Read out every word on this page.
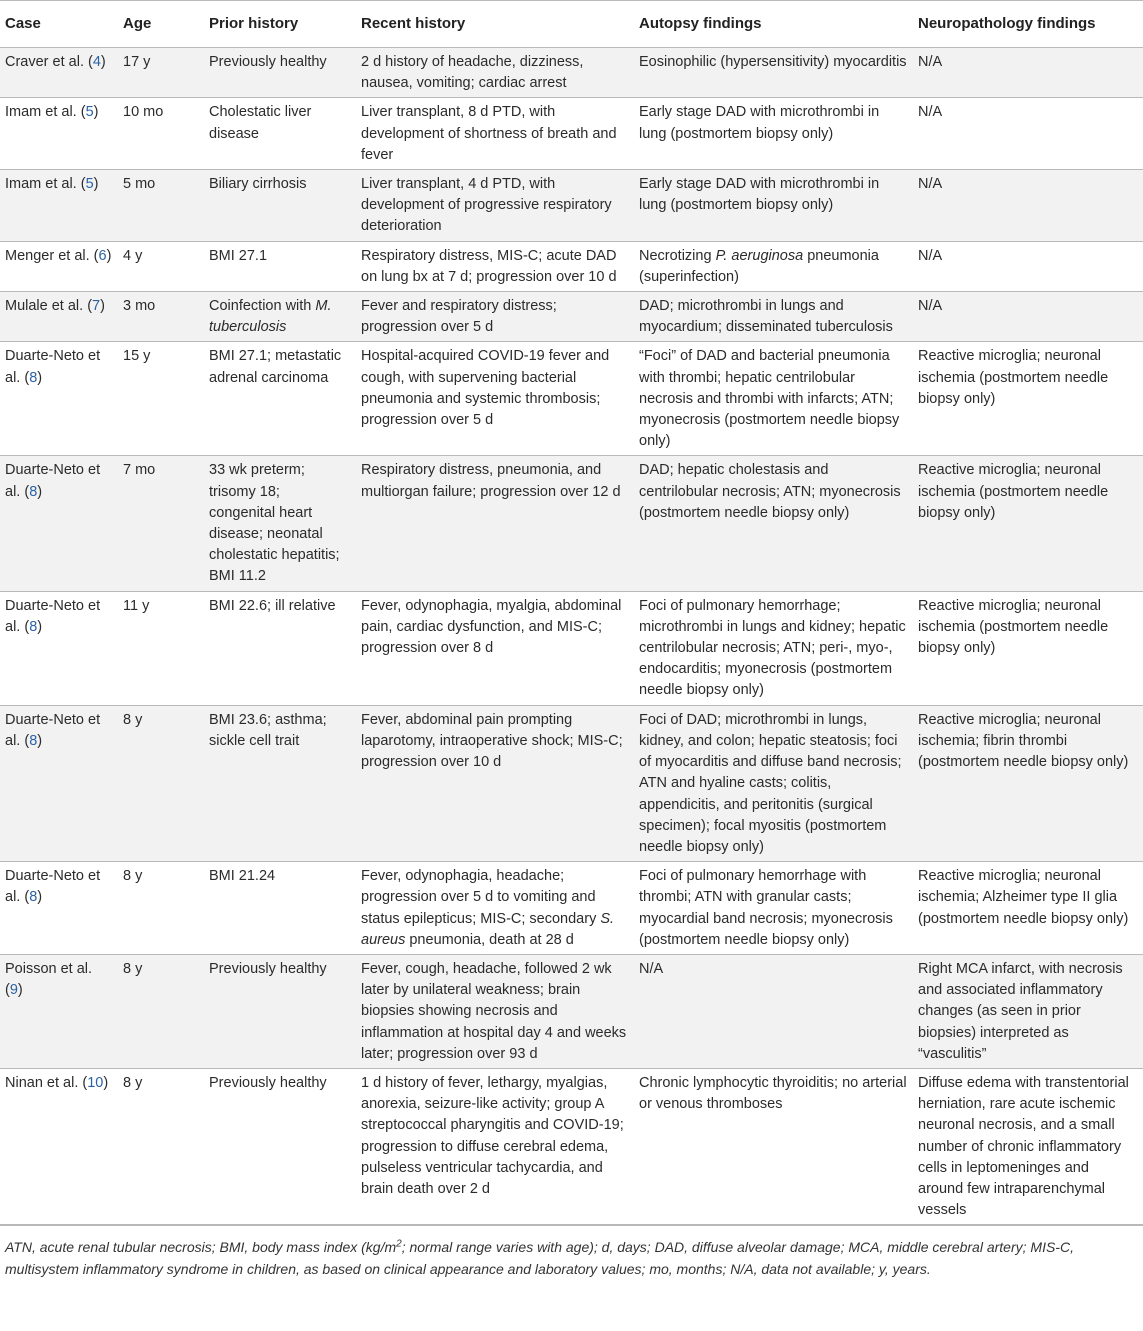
Case	Age	Prior history	Recent history	Autopsy findings	Neuropathology findings
Craver et al. (4)	17 y	Previously healthy	2 d history of headache, dizziness, nausea, vomiting; cardiac arrest	Eosinophilic (hypersensitivity) myocarditis	N/A
Imam et al. (5)	10 mo	Cholestatic liver disease	Liver transplant, 8 d PTD, with development of shortness of breath and fever	Early stage DAD with microthrombi in lung (postmortem biopsy only)	N/A
Imam et al. (5)	5 mo	Biliary cirrhosis	Liver transplant, 4 d PTD, with development of progressive respiratory deterioration	Early stage DAD with microthrombi in lung (postmortem biopsy only)	N/A
Menger et al. (6)	4 y	BMI 27.1	Respiratory distress, MIS-C; acute DAD on lung bx at 7 d; progression over 10 d	Necrotizing P. aeruginosa pneumonia (superinfection)	N/A
Mulale et al. (7)	3 mo	Coinfection with M. tuberculosis	Fever and respiratory distress; progression over 5 d	DAD; microthrombi in lungs and myocardium; disseminated tuberculosis	N/A
Duarte-Neto et al. (8)	15 y	BMI 27.1; metastatic adrenal carcinoma	Hospital-acquired COVID-19 fever and cough, with supervening bacterial pneumonia and systemic thrombosis; progression over 5 d	“Foci” of DAD and bacterial pneumonia with thrombi; hepatic centrilobular necrosis and thrombi with infarcts; ATN; myonecrosis (postmortem needle biopsy only)	Reactive microglia; neuronal ischemia (postmortem needle biopsy only)
Duarte-Neto et al. (8)	7 mo	33 wk preterm; trisomy 18; congenital heart disease; neonatal cholestatic hepatitis; BMI 11.2	Respiratory distress, pneumonia, and multiorgan failure; progression over 12 d	DAD; hepatic cholestasis and centrilobular necrosis; ATN; myonecrosis (postmortem needle biopsy only)	Reactive microglia; neuronal ischemia (postmortem needle biopsy only)
Duarte-Neto et al. (8)	11 y	BMI 22.6; ill relative	Fever, odynophagia, myalgia, abdominal pain, cardiac dysfunction, and MIS-C; progression over 8 d	Foci of pulmonary hemorrhage; microthrombi in lungs and kidney; hepatic centrilobular necrosis; ATN; peri-, myo-, endocarditis; myonecrosis (postmortem needle biopsy only)	Reactive microglia; neuronal ischemia (postmortem needle biopsy only)
Duarte-Neto et al. (8)	8 y	BMI 23.6; asthma; sickle cell trait	Fever, abdominal pain prompting laparotomy, intraoperative shock; MIS-C; progression over 10 d	Foci of DAD; microthrombi in lungs, kidney, and colon; hepatic steatosis; foci of myocarditis and diffuse band necrosis; ATN and hyaline casts; colitis, appendicitis, and peritonitis (surgical specimen); focal myositis (postmortem needle biopsy only)	Reactive microglia; neuronal ischemia; fibrin thrombi (postmortem needle biopsy only)
Duarte-Neto et al. (8)	8 y	BMI 21.24	Fever, odynophagia, headache; progression over 5 d to vomiting and status epilepticus; MIS-C; secondary S. aureus pneumonia, death at 28 d	Foci of pulmonary hemorrhage with thrombi; ATN with granular casts; myocardial band necrosis; myonecrosis (postmortem needle biopsy only)	Reactive microglia; neuronal ischemia; Alzheimer type II glia (postmortem needle biopsy only)
Poisson et al. (9)	8 y	Previously healthy	Fever, cough, headache, followed 2 wk later by unilateral weakness; brain biopsies showing necrosis and inflammation at hospital day 4 and weeks later; progression over 93 d	N/A	Right MCA infarct, with necrosis and associated inflammatory changes (as seen in prior biopsies) interpreted as “vasculitis”
Ninan et al. (10)	8 y	Previously healthy	1 d history of fever, lethargy, myalgias, anorexia, seizure-like activity; group A streptococcal pharyngitis and COVID-19; progression to diffuse cerebral edema, pulseless ventricular tachycardia, and brain death over 2 d	Chronic lymphocytic thyroiditis; no arterial or venous thromboses	Diffuse edema with transtentorial herniation, rare acute ischemic neuronal necrosis, and a small number of chronic inflammatory cells in leptomeninges and around few intraparenchymal vessels
ATN, acute renal tubular necrosis; BMI, body mass index ($kg/m^2$; normal range varies with age); d, days; DAD, diffuse alveolar damage; MCA, middle cerebral artery; MIS-C, multisystem inflammatory syndrome in children, as based on clinical appearance and laboratory values; mo, months; N/A, data not available; y, years.
